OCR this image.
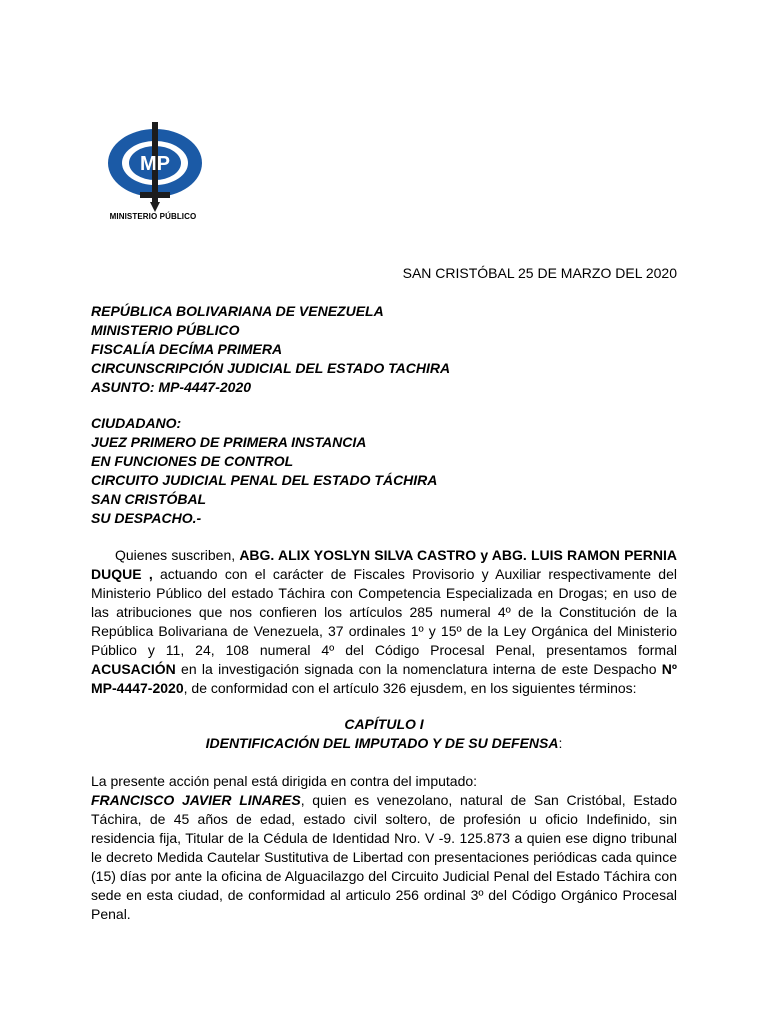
MP
MINISTERIO PÚBLICO
SAN CRISTÓBAL 25 DE MARZO DEL 2020
REPÚBLICA BOLIVARIANA DE VENEZUELA
MINISTERIO PÚBLICO
FISCALÍA DECÍMA PRIMERA
CIRCUNSCRIPCIÓN JUDICIAL DEL ESTADO TACHIRA
ASUNTO: MP-4447-2020
CIUDADANO:
JUEZ PRIMERO DE PRIMERA INSTANCIA
EN FUNCIONES DE CONTROL
CIRCUITO JUDICIAL PENAL DEL ESTADO TÁCHIRA
SAN CRISTÓBAL
SU DESPACHO.-
Quienes suscriben, ABG. ALIX YOSLYN SILVA CASTRO y ABG. LUIS RAMON PERNIA DUQUE , actuando con el carácter de Fiscales Provisorio y Auxiliar respectivamente del Ministerio Público del estado Táchira con Competencia Especializada en Drogas; en uso de las atribuciones que nos confieren los artículos 285 numeral 4º de la Constitución de la República Bolivariana de Venezuela, 37 ordinales 1º y 15º de la Ley Orgánica del Ministerio Público y 11, 24, 108 numeral 4º del Código Procesal Penal, presentamos formal ACUSACIÓN en la investigación signada con la nomenclatura interna de este Despacho Nº MP-4447-2020, de conformidad con el artículo 326 ejusdem, en los siguientes términos:
CAPÍTULO I
IDENTIFICACIÓN DEL IMPUTADO Y DE SU DEFENSA:
La presente acción penal está dirigida en contra del imputado:
FRANCISCO JAVIER LINARES, quien es venezolano, natural de San Cristóbal, Estado Táchira, de 45 años de edad, estado civil soltero, de profesión u oficio Indefinido, sin residencia fija, Titular de la Cédula de Identidad Nro. V -9. 125.873 a quien ese digno tribunal le decreto Medida Cautelar Sustitutiva de Libertad con presentaciones periódicas cada quince (15) días por ante la oficina de Alguacilazgo del Circuito Judicial Penal del Estado Táchira con sede en esta ciudad, de conformidad al articulo 256 ordinal 3º del Código Orgánico Procesal Penal.
